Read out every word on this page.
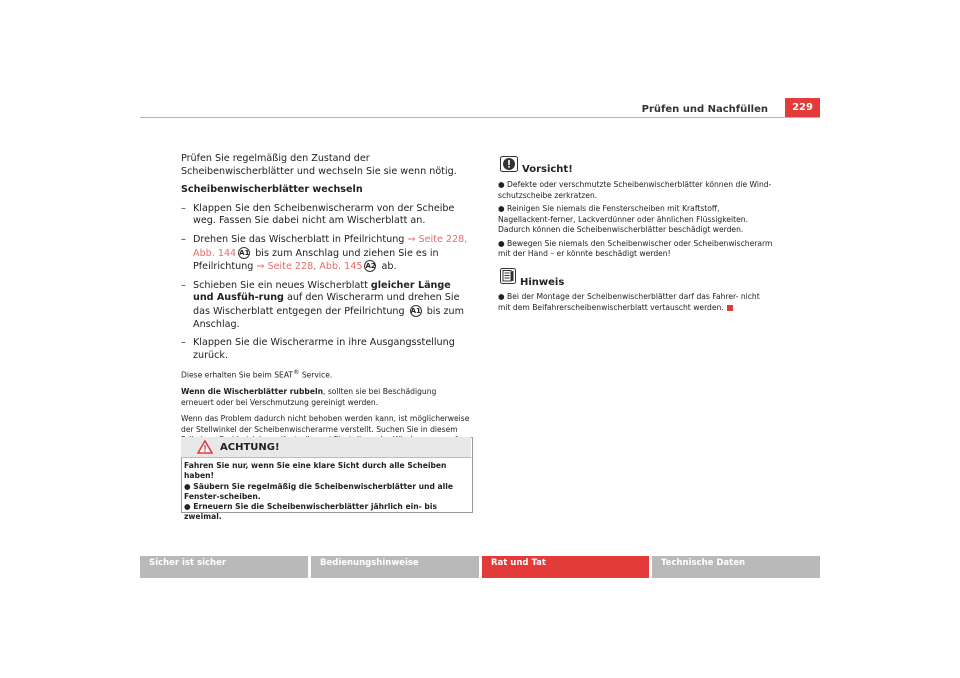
Prüfen und Nachfüllen	229

Prüfen Sie regelmäßig den Zustand der Scheibenwischerblätter und wechseln Sie sie wenn nötig.

Scheibenwischerblätter wechseln

– Klappen Sie den Scheibenwischerarm von der Scheibe weg. Fassen Sie dabei nicht am Wischerblatt an.

– Drehen Sie das Wischerblatt in Pfeilrichtung ⇒ Seite 228, Abb. 144 A1 bis zum Anschlag und ziehen Sie es in Pfeilrichtung ⇒ Seite 228, Abb. 145 A2 ab.

– Schieben Sie ein neues Wischerblatt gleicher Länge und Ausfüh-rung auf den Wischerarm und drehen Sie das Wischerblatt entgegen der Pfeilrichtung A1 bis zum Anschlag.

– Klappen Sie die Wischerarme in ihre Ausgangsstellung zurück.

Diese erhalten Sie beim SEAT® Service.

Wenn die Wischerblätter rubbeln, sollten sie bei Beschädigung erneuert oder bei Verschmutzung gereinigt werden.

Wenn das Problem dadurch nicht behoben werden kann, ist möglicherweise der Stellwinkel der Scheibenwischerarme verstellt. Suchen Sie in diesem

ACHTUNG!

Fahren Sie nur, wenn Sie eine klare Sicht durch alle Scheiben haben!

● Säubern Sie regelmäßig die Scheibenwischerblätter und alle Fenster-scheiben.

● Erneuern Sie die Scheibenwischerblätter jährlich ein- bis zweimal.

Vorsicht!

● Defekte oder verschmutzte Scheibenwischerblätter können die Wind-schutzscheibe zerkratzen.

● Reinigen Sie niemals die Fensterscheiben mit Kraftstoff, Nagellackent-ferner, Lackverdünner oder ähnlichen Flüssigkeiten. Dadurch können die Scheibenwischerblätter beschädigt werden.

● Bewegen Sie niemals den Scheibenwischer oder Scheibenwischerarm mit der Hand – er könnte beschädigt werden!

Hinweis

● Bei der Montage der Scheibenwischerblätter darf das Fahrer- nicht mit dem Beifahrerscheibenwischerblatt vertauscht werden.

Sicher ist sicher	Bedienungshinweise	Rat und Tat	Technische Daten
